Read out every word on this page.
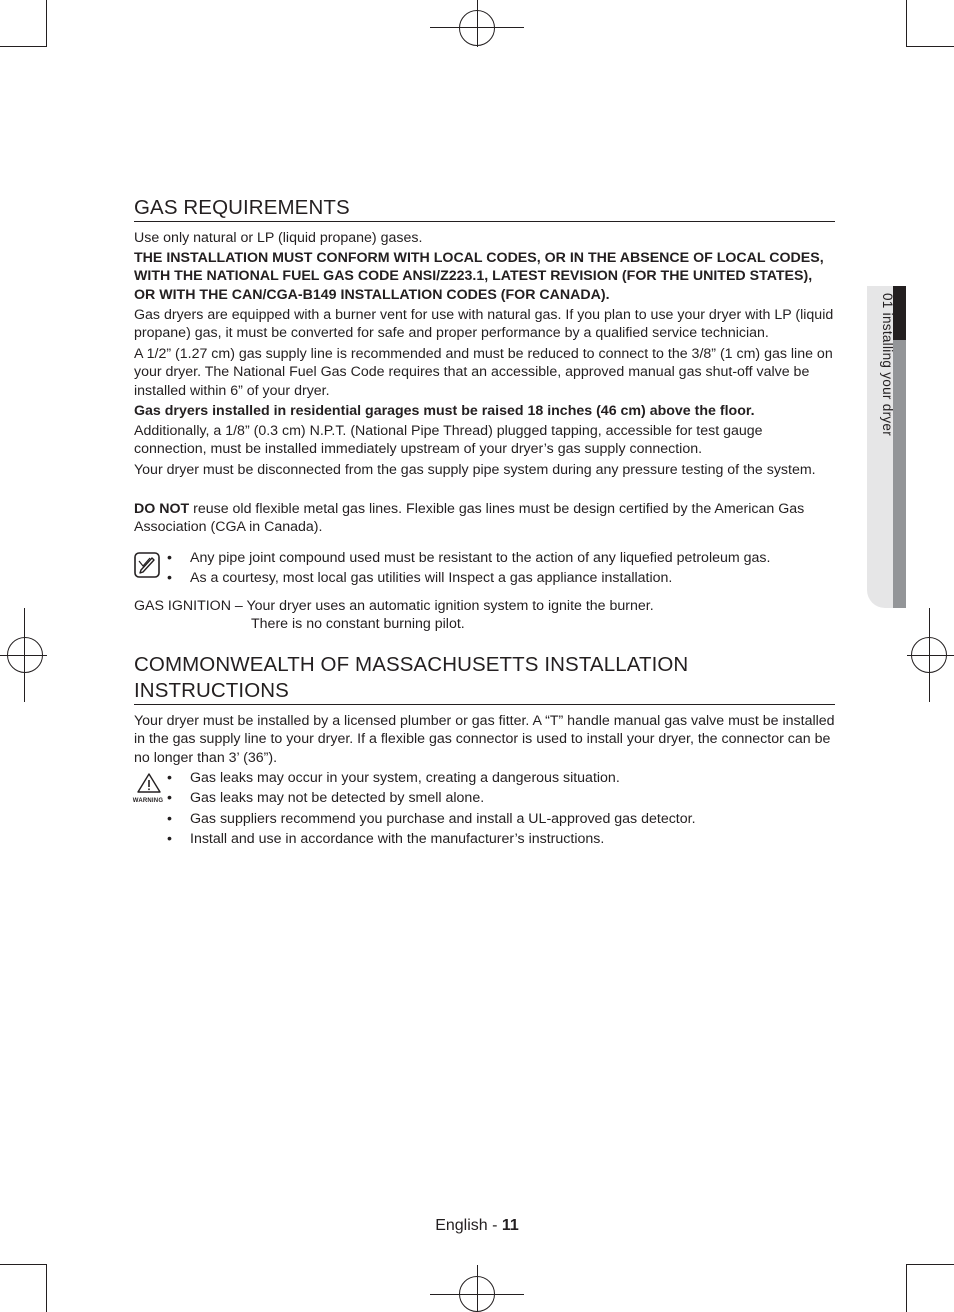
01 installing your dryer
GAS REQUIREMENTS

Use only natural or LP (liquid propane) gases.

THE INSTALLATION MUST CONFORM WITH LOCAL CODES, OR IN THE ABSENCE OF LOCAL CODES, WITH THE NATIONAL FUEL GAS CODE ANSI/Z223.1, LATEST REVISION (FOR THE UNITED STATES), OR WITH THE CAN/CGA-B149 INSTALLATION CODES (FOR CANADA).

Gas dryers are equipped with a burner vent for use with natural gas. If you plan to use your dryer with LP (liquid propane) gas, it must be converted for safe and proper performance by a qualified service technician.

A 1/2” (1.27 cm) gas supply line is recommended and must be reduced to connect to the 3/8” (1 cm) gas line on your dryer. The National Fuel Gas Code requires that an accessible, approved manual gas shut-off valve be installed within 6” of your dryer.

Gas dryers installed in residential garages must be raised 18 inches (46 cm) above the floor.

Additionally, a 1/8” (0.3 cm) N.P.T. (National Pipe Thread) plugged tapping, accessible for test gauge connection, must be installed immediately upstream of your dryer’s gas supply connection.

Your dryer must be disconnected from the gas supply pipe system during any pressure testing of the system.

DO NOT reuse old flexible metal gas lines. Flexible gas lines must be design certified by the American Gas Association (CGA in Canada).

• Any pipe joint compound used must be resistant to the action of any liquefied petroleum gas.
• As a courtesy, most local gas utilities will Inspect a gas appliance installation.
GAS IGNITION – Your dryer uses an automatic ignition system to ignite the burner.
There is no constant burning pilot.
COMMONWEALTH OF MASSACHUSETTS INSTALLATION INSTRUCTIONS

Your dryer must be installed by a licensed plumber or gas fitter. A “T” handle manual gas valve must be installed in the gas supply line to your dryer. If a flexible gas connector is used to install your dryer, the connector can be no longer than 3’ (36”).

WARNING
• Gas leaks may occur in your system, creating a dangerous situation.
• Gas leaks may not be detected by smell alone.
• Gas suppliers recommend you purchase and install a UL-approved gas detector.
• Install and use in accordance with the manufacturer’s instructions.
English - 11
